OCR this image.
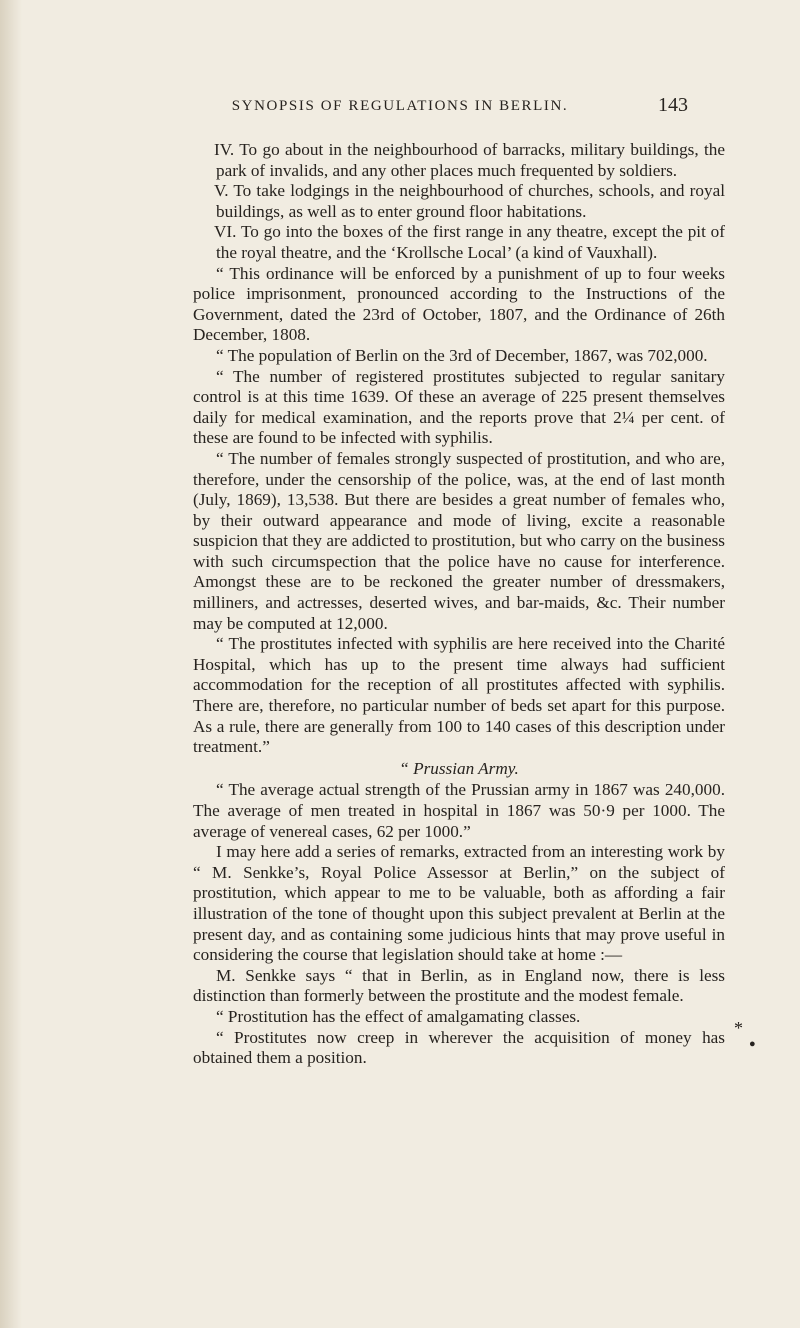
SYNOPSIS OF REGULATIONS IN BERLIN.	143

IV. To go about in the neighbourhood of barracks, military buildings, the park of invalids, and any other places much frequented by soldiers.

V. To take lodgings in the neighbourhood of churches, schools, and royal buildings, as well as to enter ground floor habitations.

VI. To go into the boxes of the first range in any theatre, except the pit of the royal theatre, and the ‘Krollsche Local’ (a kind of Vauxhall).

“ This ordinance will be enforced by a punishment of up to four weeks police imprisonment, pronounced according to the Instructions of the Government, dated the 23rd of October, 1807, and the Ordinance of 26th December, 1808.

“ The population of Berlin on the 3rd of December, 1867, was 702,000.

“ The number of registered prostitutes subjected to regular sanitary control is at this time 1639. Of these an average of 225 present themselves daily for medical examination, and the reports prove that 2¼ per cent. of these are found to be infected with syphilis.

“ The number of females strongly suspected of prostitution, and who are, therefore, under the censorship of the police, was, at the end of last month (July, 1869), 13,538. But there are besides a great number of females who, by their outward appearance and mode of living, excite a reasonable suspicion that they are addicted to prostitution, but who carry on the business with such circumspection that the police have no cause for interference. Amongst these are to be reckoned the greater number of dressmakers, milliners, and actresses, deserted wives, and bar-maids, &c. Their number may be computed at 12,000.

“ The prostitutes infected with syphilis are here received into the Charité Hospital, which has up to the present time always had sufficient accommodation for the reception of all prostitutes affected with syphilis. There are, therefore, no particular number of beds set apart for this purpose. As a rule, there are generally from 100 to 140 cases of this description under treatment.”

“ Prussian Army.

“ The average actual strength of the Prussian army in 1867 was 240,000. The average of men treated in hospital in 1867 was 50·9 per 1000. The average of venereal cases, 62 per 1000.”

I may here add a series of remarks, extracted from an interesting work by “ M. Senkke’s, Royal Police Assessor at Berlin,” on the subject of prostitution, which appear to me to be valuable, both as affording a fair illustration of the tone of thought upon this subject prevalent at Berlin at the present day, and as containing some judicious hints that may prove useful in considering the course that legislation should take at home :—

M. Senkke says “ that in Berlin, as in England now, there is less distinction than formerly between the prostitute and the modest female.

“ Prostitution has the effect of amalgamating classes.

“ Prostitutes now creep in wherever the acquisition of money has obtained them a position.

*
●
